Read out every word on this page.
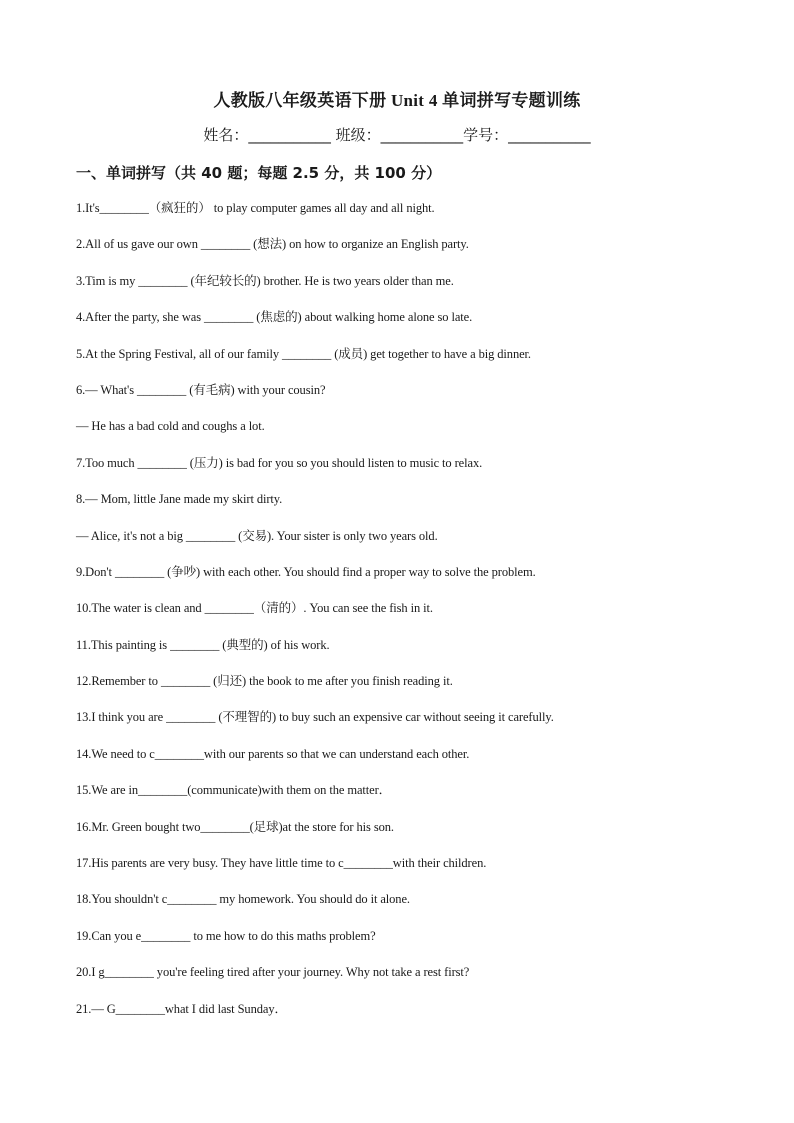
人教版八年级英语下册 Unit 4 单词拼写专题训练
姓名：___________ 班级：___________学号：___________
一、单词拼写（共 40 题；每题 2.5 分，共 100 分）
1.It's________（疯狂的） to play computer games all day and all night.
2.All of us gave our own ________ (想法) on how to organize an English party.
3.Tim is my ________ (年纪较长的) brother. He is two years older than me.
4.After the party, she was ________ (焦虑的) about walking home alone so late.
5.At the Spring Festival, all of our family ________ (成员) get together to have a big dinner.
6.— What's ________ (有毛病) with your cousin?
— He has a bad cold and coughs a lot.
7.Too much ________ (压力) is bad for you so you should listen to music to relax.
8.— Mom, little Jane made my skirt dirty.
— Alice, it's not a big ________ (交易). Your sister is only two years old.
9.Don't ________ (争吵) with each other. You should find a proper way to solve the problem.
10.The water is clean and ________（清的）. You can see the fish in it.
11.This painting is ________ (典型的) of his work.
12.Remember to ________ (归还) the book to me after you finish reading it.
13.I think you are ________ (不理智的) to buy such an expensive car without seeing it carefully.
14.We need to c________with our parents so that we can understand each other.
15.We are in________(communicate)with them on the matter．
16.Mr. Green bought two________(足球)at the store for his son.
17.His parents are very busy. They have little time to c________with their children.
18.You shouldn't c________ my homework. You should do it alone.
19.Can you e________ to me how to do this maths problem?
20.I g________ you're feeling tired after your journey. Why not take a rest first?
21.— G________what I did last Sunday．
